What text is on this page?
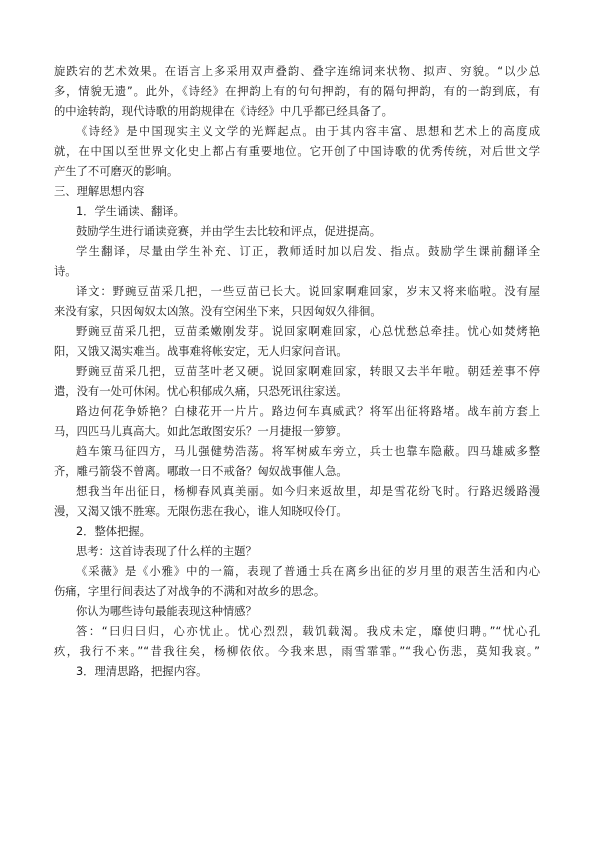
旋跌宕的艺术效果。在语言上多采用双声叠韵、叠字连绵词来状物、拟声、穷貌。“以少总

多，情貌无遗”。此外，《诗经》在押韵上有的句句押韵，有的隔句押韵，有的一韵到底，有

的中途转韵，现代诗歌的用韵规律在《诗经》中几乎都已经具备了。

《诗经》是中国现实主义文学的光辉起点。由于其内容丰富、思想和艺术上的高度成

就，在中国以至世界文化史上都占有重要地位。它开创了中国诗歌的优秀传统，对后世文学

产生了不可磨灭的影响。

三、理解思想内容

1．学生诵读、翻译。

鼓励学生进行诵读竞赛，并由学生去比较和评点，促进提高。

学生翻译，尽量由学生补充、订正，教师适时加以启发、指点。鼓励学生课前翻译全

诗。

译文：野豌豆苗采几把，一些豆苗已长大。说回家啊难回家，岁末又将来临啦。没有屋

来没有家，只因匈奴太凶煞。没有空闲坐下来，只因匈奴久徘徊。

野豌豆苗采几把，豆苗柔嫩刚发芽。说回家啊难回家，心总忧愁总牵挂。忧心如焚烤艳

阳，又饿又渴实难当。战事难将帐安定，无人归家问音讯。

野豌豆苗采几把，豆苗茎叶老又硬。说回家啊难回家，转眼又去半年啦。朝廷差事不停

遣，没有一处可休闲。忧心积郁成久痛，只恐死讯往家送。

路边何花争娇艳？白棣花开一片片。路边何车真威武？将军出征将路堵。战车前方套上

马，四匹马儿真高大。如此怎敢图安乐？一月捷报一箩箩。

趋车策马征四方，马儿强健势浩荡。将军树威车旁立，兵士也靠车隐蔽。四马雄威多整

齐，雕弓箭袋不曾离。哪敢一日不戒备？匈奴战事催人急。

想我当年出征日，杨柳春风真美丽。如今归来返故里，却是雪花纷飞时。行路迟缓路漫

漫，又渴又饿不胜寒。无限伤悲在我心，谁人知晓叹伶仃。

2．整体把握。

思考：这首诗表现了什么样的主题？

《采薇》是《小雅》中的一篇，表现了普通士兵在离乡出征的岁月里的艰苦生活和内心

伤痛，字里行间表达了对战争的不满和对故乡的思念。

你认为哪些诗句最能表现这种情感？

答：“曰归曰归，心亦忧止。忧心烈烈，载饥载渴。我戍未定，靡使归聘。”“忧心孔

疚，我行不来。”“昔我往矣，杨柳依依。今我来思，雨雪霏霏。”“我心伤悲，莫知我哀。”

3．理清思路，把握内容。
